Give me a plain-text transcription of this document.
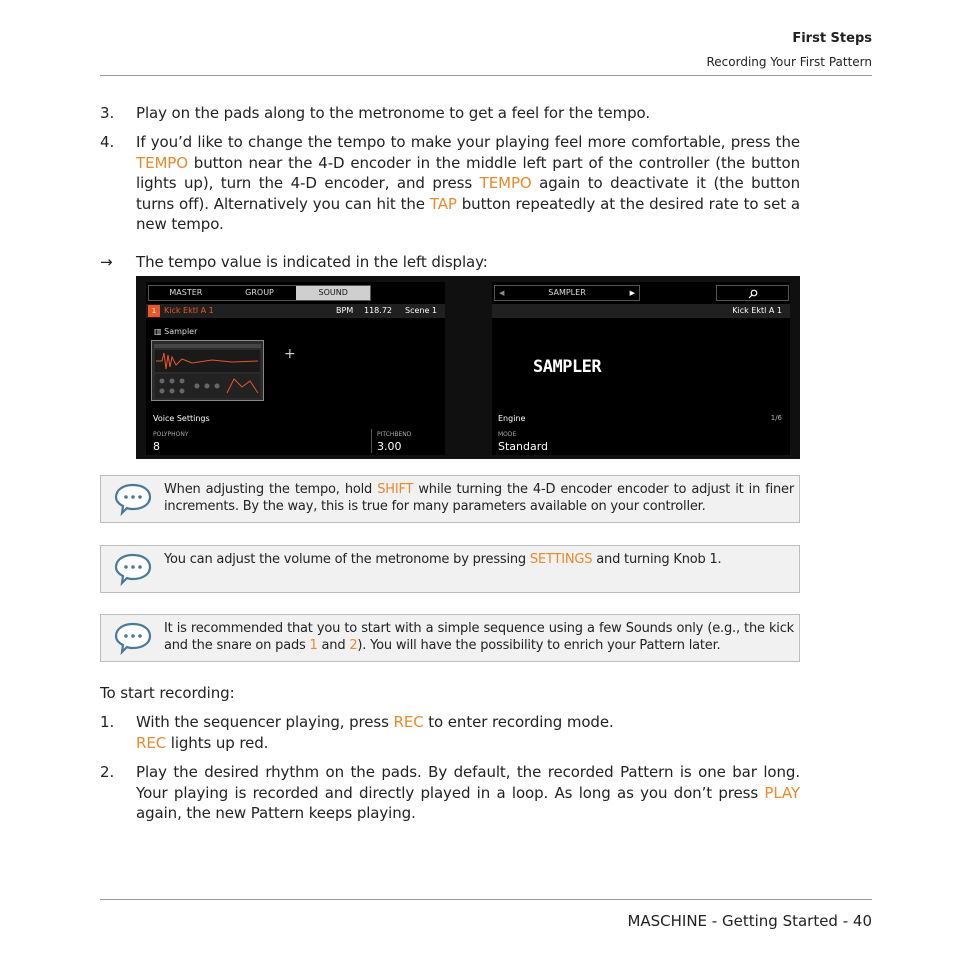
First Steps
Recording Your First Pattern
3. Play on the pads along to the metronome to get a feel for the tempo.
4. If you’d like to change the tempo to make your playing feel more comfortable, press the TEMPO button near the 4-D encoder in the middle left part of the controller (the button lights up), turn the 4-D encoder, and press TEMPO again to deactivate it (the button turns off). Alternatively you can hit the TAP button repeatedly at the desired rate to set a new tempo.
→ The tempo value is indicated in the left display:
MASTER	GROUP	SOUND
1 Kick Ektl A 1	BPM 118.72 Scene 1
▥ Sampler
+
Voice Settings
POLYPHONY
8
PITCHBEND
3.00
◀	SAMPLER	▶
Kick Ektl A 1
SAMPLER
Engine	1/6
MODE
Standard
When adjusting the tempo, hold SHIFT while turning the 4-D encoder encoder to adjust it in finer increments. By the way, this is true for many parameters available on your controller.
You can adjust the volume of the metronome by pressing SETTINGS and turning Knob 1.
It is recommended that you to start with a simple sequence using a few Sounds only (e.g., the kick and the snare on pads 1 and 2). You will have the possibility to enrich your Pattern later.
To start recording:
1. With the sequencer playing, press REC to enter recording mode.
REC lights up red.
2. Play the desired rhythm on the pads. By default, the recorded Pattern is one bar long. Your playing is recorded and directly played in a loop. As long as you don’t press PLAY again, the new Pattern keeps playing.
MASCHINE - Getting Started - 40
